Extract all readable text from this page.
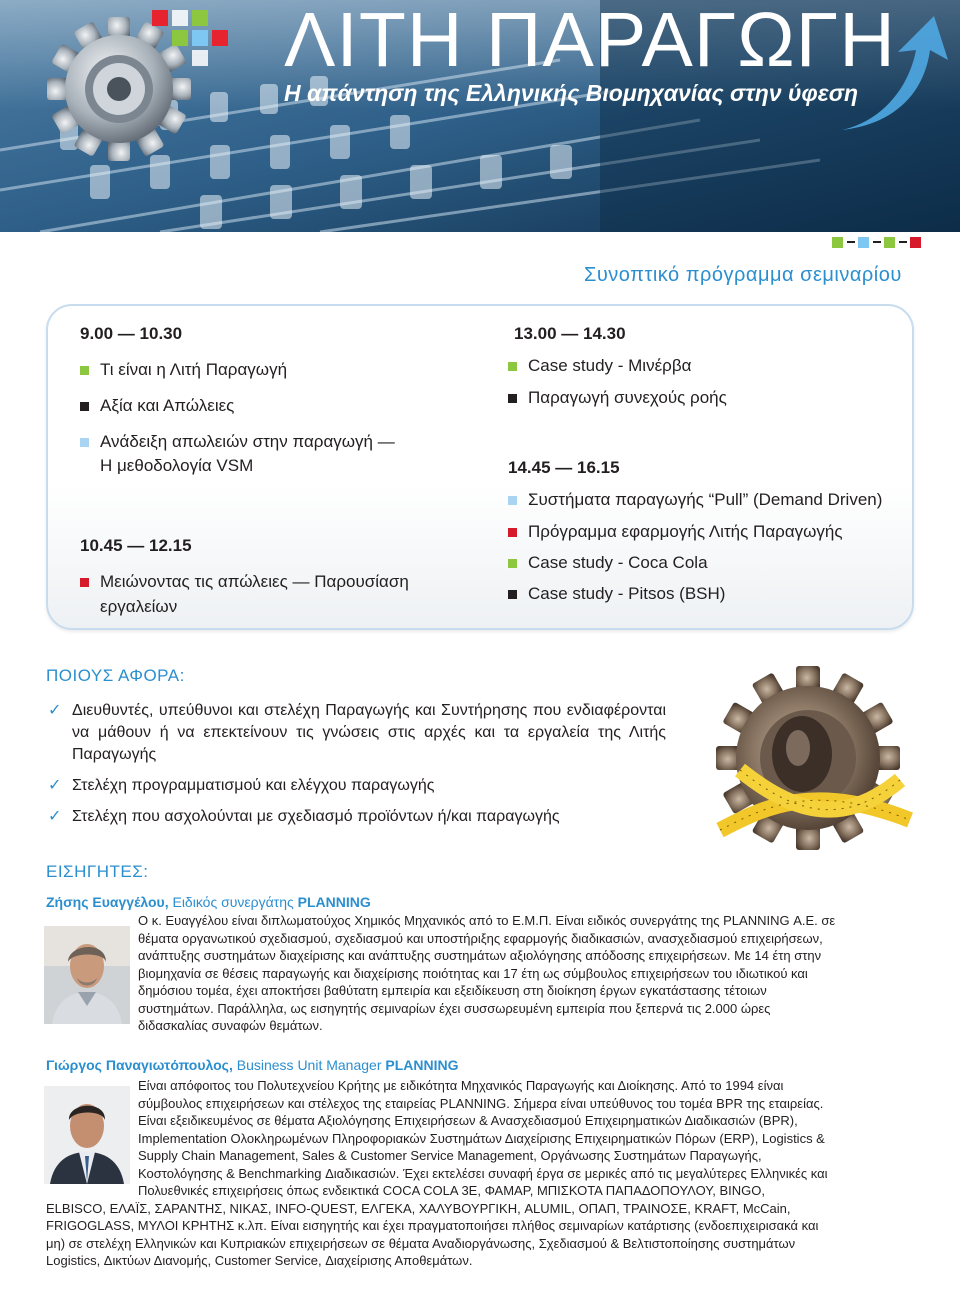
ΛΙΤΗ ΠΑΡΑΓΩΓΗ
Η απάντηση της Ελληνικής Βιομηχανίας στην ύφεση
Συνοπτικό πρόγραμμα σεμιναρίου
9.00 — 10.30
Τι είναι η Λιτή Παραγωγή
Αξία και Απώλειες
Ανάδειξη απωλειών στην παραγωγή —
Η μεθοδολογία VSM
10.45 — 12.15
Μειώνοντας τις απώλειες — Παρουσίαση
εργαλείων
13.00 — 14.30
Case study - Μινέρβα
Παραγωγή συνεχούς ροής
14.45 — 16.15
Συστήματα παραγωγής “Pull” (Demand Driven)
Πρόγραμμα εφαρμογής Λιτής Παραγωγής
Case study - Coca Cola
Case study - Pitsos (BSH)
ΠΟΙΟΥΣ ΑΦΟΡΑ:
✓ Διευθυντές, υπεύθυνοι και στελέχη Παραγωγής και Συντήρησης που ενδιαφέρονται να μάθουν ή να επεκτείνουν τις γνώσεις στις αρχές και τα εργαλεία της Λιτής Παραγωγής
✓ Στελέχη προγραμματισμού και ελέγχου παραγωγής
✓ Στελέχη που ασχολούνται με σχεδιασμό προϊόντων ή/και παραγωγής
ΕΙΣΗΓΗΤΕΣ:
Ζήσης Ευαγγέλου, Ειδικός συνεργάτης PLANNING
Ο κ. Ευαγγέλου είναι διπλωματούχος Χημικός Μηχανικός από το Ε.Μ.Π. Είναι ειδικός συνεργάτης της PLANNING Α.Ε. σε
θέματα οργανωτικού σχεδιασμού, σχεδιασμού και υποστήριξης εφαρμογής διαδικασιών, ανασχεδιασμού επιχειρήσεων,
ανάπτυξης συστημάτων διαχείρισης και ανάπτυξης συστημάτων αξιολόγησης απόδοσης επιχειρήσεων. Με 14 έτη στην
βιομηχανία σε θέσεις παραγωγής και διαχείρισης ποιότητας και 17 έτη ως σύμβουλος επιχειρήσεων του ιδιωτικού και
δημόσιου τομέα, έχει αποκτήσει βαθύτατη εμπειρία και εξειδίκευση στη διοίκηση έργων εγκατάστασης τέτοιων
συστημάτων. Παράλληλα, ως εισηγητής σεμιναρίων έχει συσσωρευμένη εμπειρία που ξεπερνά τις 2.000 ώρες
διδασκαλίας συναφών θεμάτων.
Γιώργος Παναγιωτόπουλος, Business Unit Manager PLANNING
Είναι απόφοιτος του Πολυτεχνείου Κρήτης με ειδικότητα Μηχανικός Παραγωγής και Διοίκησης. Από το 1994 είναι
σύμβουλος επιχειρήσεων και στέλεχος της εταιρείας PLANNING. Σήμερα είναι υπεύθυνος του τομέα BPR της εταιρείας.
Είναι εξειδικευμένος σε θέματα Αξιολόγησης Επιχειρήσεων & Ανασχεδιασμού Επιχειρηματικών Διαδικασιών (BPR),
Implementation Ολοκληρωμένων Πληροφοριακών Συστημάτων Διαχείρισης Επιχειρηματικών Πόρων (ERP), Logistics &
Supply Chain Management, Sales & Customer Service Management, Οργάνωσης Συστημάτων Παραγωγής,
Κοστολόγησης & Benchmarking Διαδικασιών. Έχει εκτελέσει συναφή έργα σε μερικές από τις μεγαλύτερες Ελληνικές και
Πολυεθνικές επιχειρήσεις όπως ενδεικτικά COCA COLA 3E, ΦΑΜΑΡ, ΜΠΙΣΚΟΤΑ ΠΑΠΑΔΟΠΟΥΛΟΥ, BINGO,
ELBISCO, ΕΛΑΪΣ, ΣΑΡΑΝΤΗΣ, ΝΙΚΑΣ, INFO-QUEST, ΕΛΓΕΚΑ, ΧΑΛΥΒΟΥΡΓΙΚΗ, ALUMIL, ΟΠΑΠ, ΤΡΑΙΝΟΣΕ, KRAFT, McCain,
FRIGOGLASS, ΜΥΛΟΙ ΚΡΗΤΗΣ κ.λπ. Είναι εισηγητής και έχει πραγματοποιήσει πλήθος σεμιναρίων κατάρτισης (ενδοεπιχειρισακά και
μη) σε στελέχη Ελληνικών και Κυπριακών επιχειρήσεων σε θέματα Αναδιοργάνωσης, Σχεδιασμού & Βελτιστοποίησης συστημάτων
Logistics, Δικτύων Διανομής, Customer Service, Διαχείρισης Αποθεμάτων.
